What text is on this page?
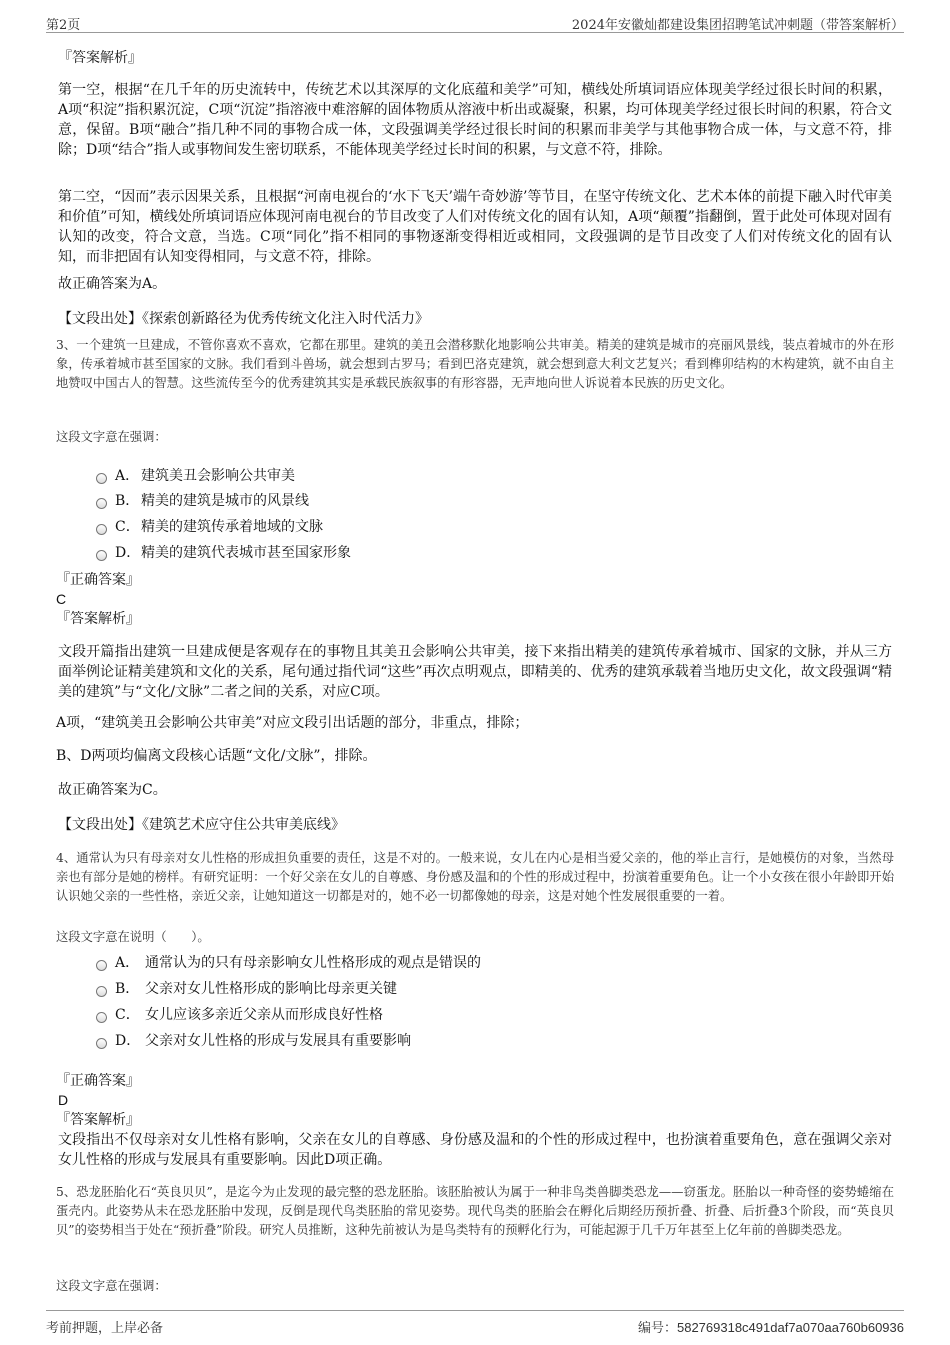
第2页	2024年安徽灿都建设集团招聘笔试冲刺题（带答案解析）

『答案解析』

第一空，根据“在几千年的历史流转中，传统艺术以其深厚的文化底蕴和美学”可知，横线处所填词语应体现美学经过很长时间的积累，A项“积淀”指积累沉淀，C项“沉淀”指溶液中难溶解的固体物质从溶液中析出或凝聚，积累，均可体现美学经过很长时间的积累，符合文意，保留。B项“融合”指几种不同的事物合成一体，文段强调美学经过很长时间的积累而非美学与其他事物合成一体，与文意不符，排除；D项“结合”指人或事物间发生密切联系，不能体现美学经过长时间的积累，与文意不符，排除。

第二空，“因而”表示因果关系，且根据“河南电视台的‘水下飞天’端午奇妙游’等节目，在坚守传统文化、艺术本体的前提下融入时代审美和价值”可知，横线处所填词语应体现河南电视台的节目改变了人们对传统文化的固有认知，A项“颠覆”指翻倒，置于此处可体现对固有认知的改变，符合文意，当选。C项“同化”指不相同的事物逐渐变得相近或相同，文段强调的是节目改变了人们对传统文化的固有认知，而非把固有认知变得相同，与文意不符，排除。

故正确答案为A。

【文段出处】《探索创新路径为优秀传统文化注入时代活力》

3、一个建筑一旦建成，不管你喜欢不喜欢，它都在那里。建筑的美丑会潜移默化地影响公共审美。精美的建筑是城市的亮丽风景线，装点着城市的外在形象，传承着城市甚至国家的文脉。我们看到斗兽场，就会想到古罗马；看到巴洛克建筑，就会想到意大利文艺复兴；看到榫卯结构的木构建筑，就不由自主地赞叹中国古人的智慧。这些流传至今的优秀建筑其实是承载民族叙事的有形容器，无声地向世人诉说着本民族的历史文化。

这段文字意在强调：

A． 建筑美丑会影响公共审美
B． 精美的建筑是城市的风景线
C． 精美的建筑传承着地域的文脉
D． 精美的建筑代表城市甚至国家形象

『正确答案』

C

『答案解析』

文段开篇指出建筑一旦建成便是客观存在的事物且其美丑会影响公共审美，接下来指出精美的建筑传承着城市、国家的文脉，并从三方面举例论证精美建筑和文化的关系，尾句通过指代词“这些”再次点明观点，即精美的、优秀的建筑承载着当地历史文化，故文段强调“精美的建筑”与“文化/文脉”二者之间的关系，对应C项。

A项，“建筑美丑会影响公共审美”对应文段引出话题的部分，非重点，排除；

B、D两项均偏离文段核心话题“文化/文脉”，排除。

故正确答案为C。

【文段出处】《建筑艺术应守住公共审美底线》

4、通常认为只有母亲对女儿性格的形成担负重要的责任，这是不对的。一般来说，女儿在内心是相当爱父亲的，他的举止言行，是她模仿的对象，当然母亲也有部分是她的榜样。有研究证明：一个好父亲在女儿的自尊感、身份感及温和的个性的形成过程中，扮演着重要角色。让一个小女孩在很小年龄即开始认识她父亲的一些性格，亲近父亲，让她知道这一切都是对的，她不必一切都像她的母亲，这是对她个性发展很重要的一着。

这段文字意在说明（　　）。

A． 通常认为的只有母亲影响女儿性格形成的观点是错误的
B． 父亲对女儿性格形成的影响比母亲更关键
C． 女儿应该多亲近父亲从而形成良好性格
D． 父亲对女儿性格的形成与发展具有重要影响

『正确答案』

D

『答案解析』

文段指出不仅母亲对女儿性格有影响，父亲在女儿的自尊感、身份感及温和的个性的形成过程中，也扮演着重要角色，意在强调父亲对女儿性格的形成与发展具有重要影响。因此D项正确。

5、恐龙胚胎化石“英良贝贝”，是迄今为止发现的最完整的恐龙胚胎。该胚胎被认为属于一种非鸟类兽脚类恐龙——窃蛋龙。胚胎以一种奇怪的姿势蜷缩在蛋壳内。此姿势从未在恐龙胚胎中发现，反倒是现代鸟类胚胎的常见姿势。现代鸟类的胚胎会在孵化后期经历预折叠、折叠、后折叠3个阶段，而“英良贝贝”的姿势相当于处在“预折叠”阶段。研究人员推断，这种先前被认为是鸟类特有的预孵化行为，可能起源于几千万年甚至上亿年前的兽脚类恐龙。

这段文字意在强调：

考前押题，上岸必备	编号：582769318c491daf7a070aa760b60936
